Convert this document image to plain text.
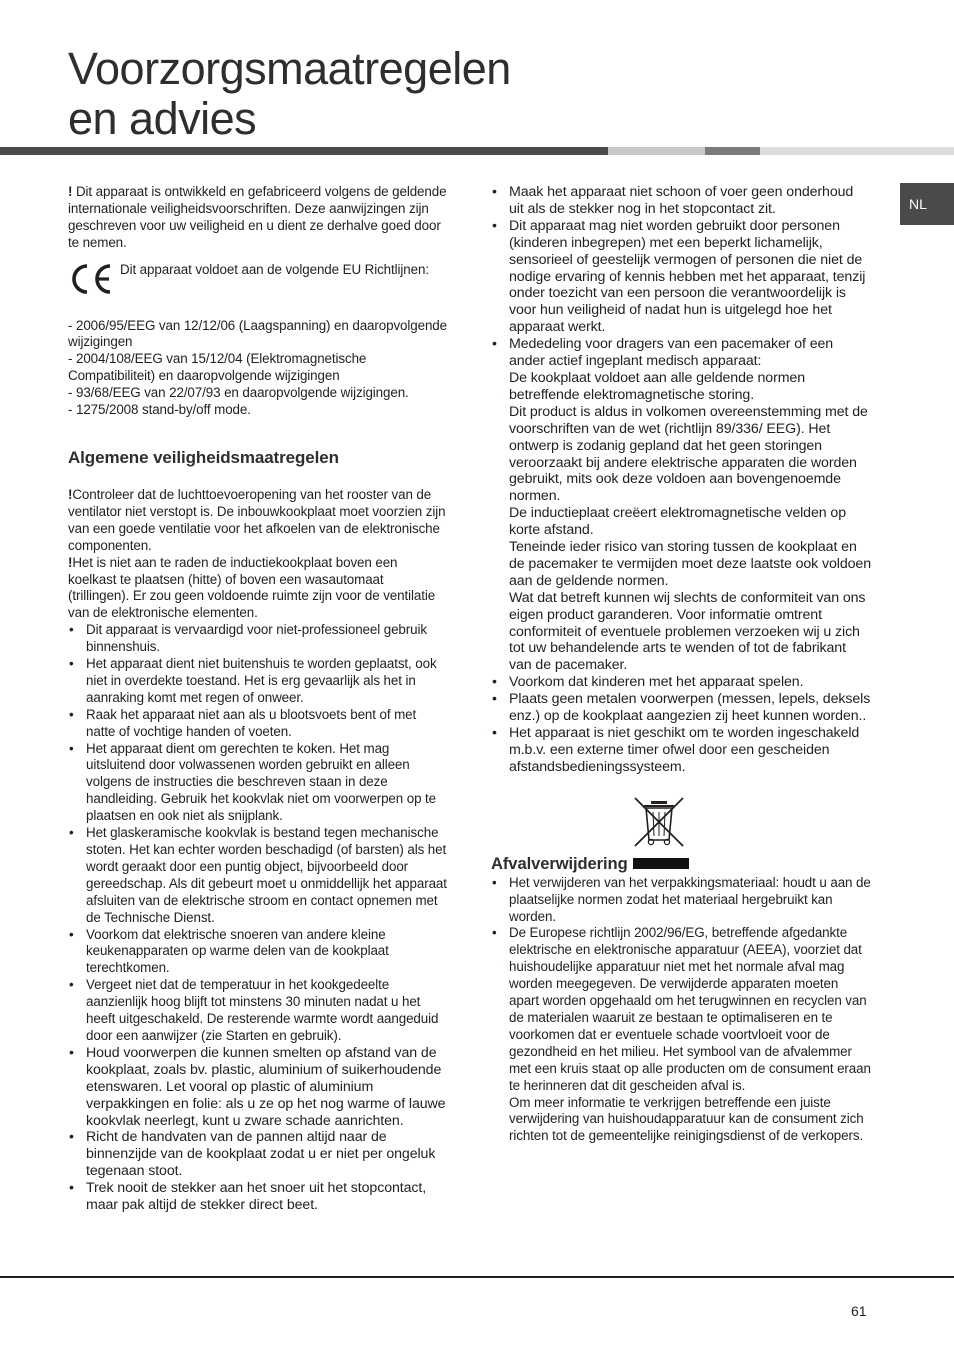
Voorzorgsmaatregelen
en advies
NL

! Dit apparaat is ontwikkeld en gefabriceerd volgens de geldende internationale veiligheidsvoorschriften. Deze aanwijzingen zijn geschreven voor uw veiligheid en u dient ze derhalve goed door te nemen.

Dit apparaat voldoet aan de volgende EU Richtlijnen:

- 2006/95/EEG van 12/12/06 (Laagspanning) en daaropvolgende wijzigingen

- 2004/108/EEG van 15/12/04 (Elektromagnetische Compatibiliteit) en daaropvolgende wijzigingen

- 93/68/EEG van 22/07/93 en daaropvolgende wijzigingen.

- 1275/2008 stand-by/off mode.

Algemene veiligheidsmaatregelen

!Controleer dat de luchttoevoeropening van het rooster van de ventilator niet verstopt is. De inbouwkookplaat moet voorzien zijn van een goede ventilatie voor het afkoelen van de elektronische componenten.

!Het is niet aan te raden de inductiekookplaat boven een koelkast te plaatsen (hitte) of boven een wasautomaat (trillingen). Er zou geen voldoende ruimte zijn voor de ventilatie van de elektronische elementen.

• Dit apparaat is vervaardigd voor niet-professioneel gebruik binnenshuis.
• Het apparaat dient niet buitenshuis te worden geplaatst, ook niet in overdekte toestand. Het is erg gevaarlijk als het in aanraking komt met regen of onweer.
• Raak het apparaat niet aan als u blootsvoets bent of met natte of vochtige handen of voeten.
• Het apparaat dient om gerechten te koken. Het mag uitsluitend door volwassenen worden gebruikt en alleen volgens de instructies die beschreven staan in deze handleiding. Gebruik het kookvlak niet om voorwerpen op te plaatsen en ook niet als snijplank.
• Het glaskeramische kookvlak is bestand tegen mechanische stoten. Het kan echter worden beschadigd (of barsten) als het wordt geraakt door een puntig object, bijvoorbeeld door gereedschap. Als dit gebeurt moet u onmiddellijk het apparaat afsluiten van de elektrische stroom en contact opnemen met de Technische Dienst.
• Voorkom dat elektrische snoeren van andere kleine keukenapparaten op warme delen van de kookplaat terechtkomen.
• Vergeet niet dat de temperatuur in het kookgedeelte aanzienlijk hoog blijft tot minstens 30 minuten nadat u het heeft uitgeschakeld. De resterende warmte wordt aangeduid door een aanwijzer (zie Starten en gebruik).
• Houd voorwerpen die kunnen smelten op afstand van de kookplaat, zoals bv. plastic, aluminium of suikerhoudende etenswaren. Let vooral op plastic of aluminium verpakkingen en folie: als u ze op het nog warme of lauwe kookvlak neerlegt, kunt u zware schade aanrichten.
• Richt de handvaten van de pannen altijd naar de binnenzijde van de kookplaat zodat u er niet per ongeluk tegenaan stoot.
• Trek nooit de stekker aan het snoer uit het stopcontact, maar pak altijd de stekker direct beet.
• Maak het apparaat niet schoon of voer geen onderhoud uit als de stekker nog in het stopcontact zit.
• Dit apparaat mag niet worden gebruikt door personen (kinderen inbegrepen) met een beperkt lichamelijk, sensorieel of geestelijk vermogen of personen die niet de nodige ervaring of kennis hebben met het apparaat, tenzij onder toezicht van een persoon die verantwoordelijk is voor hun veiligheid of nadat hun is uitgelegd hoe het apparaat werkt.
• Mededeling voor dragers van een pacemaker of een ander actief ingeplant medisch apparaat:

De kookplaat voldoet aan alle geldende normen betreffende elektromagnetische storing.

Dit product is aldus in volkomen overeenstemming met de voorschriften van de wet (richtlijn 89/336/ EEG). Het ontwerp is zodanig gepland dat het geen storingen veroorzaakt bij andere elektrische apparaten die worden gebruikt, mits ook deze voldoen aan bovengenoemde normen.

De inductieplaat creëert elektromagnetische velden op korte afstand.

Teneinde ieder risico van storing tussen de kookplaat en de pacemaker te vermijden moet deze laatste ook voldoen aan de geldende normen.

Wat dat betreft kunnen wij slechts de conformiteit van ons eigen product garanderen. Voor informatie omtrent conformiteit of eventuele problemen verzoeken wij u zich tot uw behandelende arts te wenden of tot de fabrikant van de pacemaker.

• Voorkom dat kinderen met het apparaat spelen.
• Plaats geen metalen voorwerpen (messen, lepels, deksels enz.) op de kookplaat aangezien zij heet kunnen worden..
• Het apparaat is niet geschikt om te worden ingeschakeld m.b.v. een externe timer ofwel door een gescheiden afstandsbedieningssysteem.
Afvalverwijdering
• Het verwijderen van het verpakkingsmateriaal: houdt u aan de plaatselijke normen zodat het materiaal hergebruikt kan worden.
• De Europese richtlijn 2002/96/EG, betreffende afgedankte elektrische en elektronische apparatuur (AEEA), voorziet dat huishoudelijke apparatuur niet met het normale afval mag worden meegegeven. De verwijderde apparaten moeten apart worden opgehaald om het terugwinnen en recyclen van de materialen waaruit ze bestaan te optimaliseren en te voorkomen dat er eventuele schade voortvloeit voor de gezondheid en het milieu. Het symbool van de afvalemmer met een kruis staat op alle producten om de consument eraan te herinneren dat dit gescheiden afval is.

Om meer informatie te verkrijgen betreffende een juiste verwijdering van huishoudapparatuur kan de consument zich richten tot de gemeentelijke reinigingsdienst of de verkopers.

61
